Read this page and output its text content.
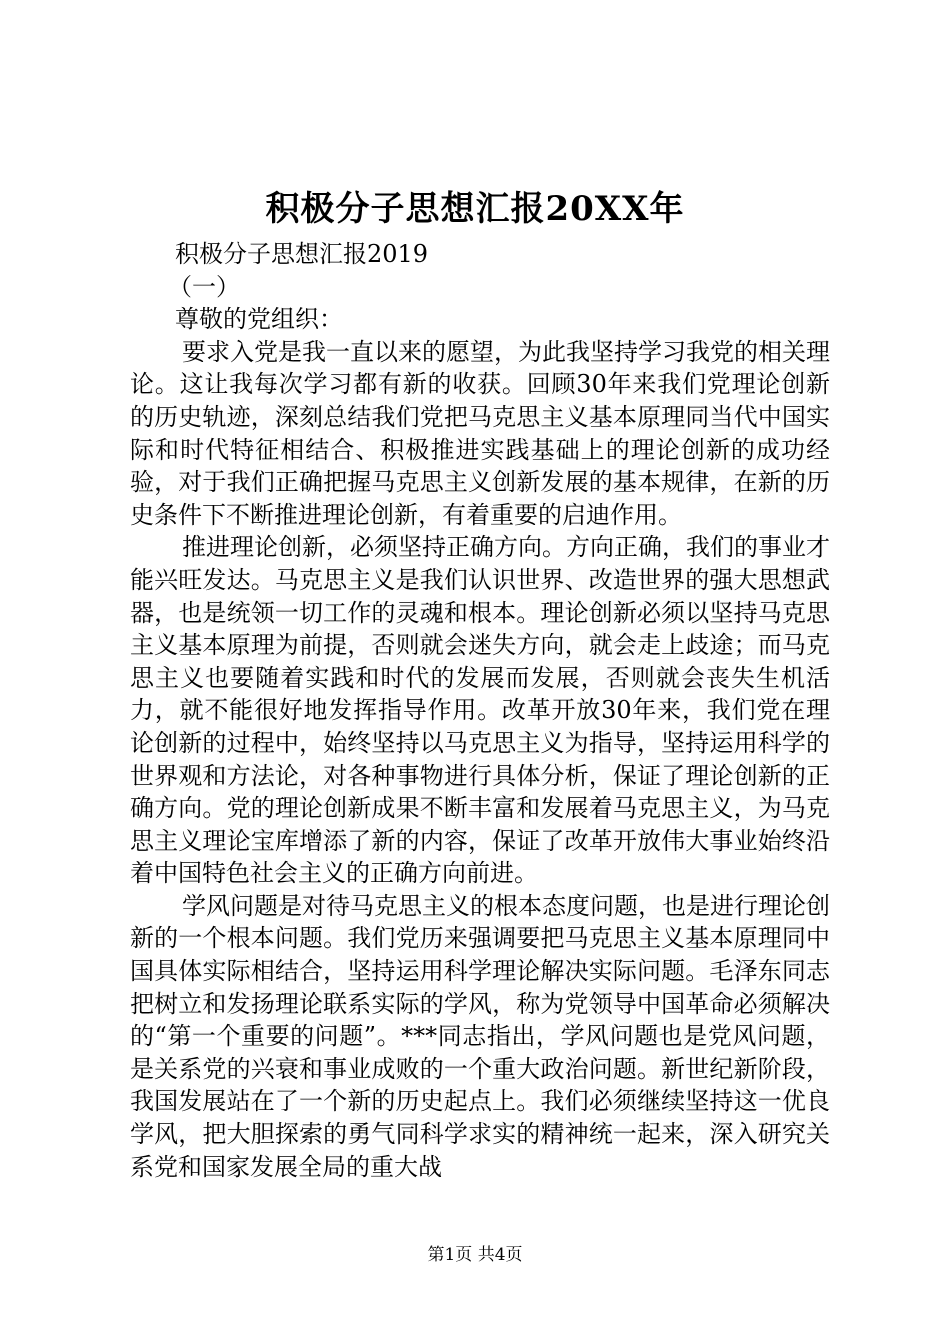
积极分子思想汇报20XX年

积极分子思想汇报2019

（一）

尊敬的党组织：

要求入党是我一直以来的愿望，为此我坚持学习我党的相关理论。这让我每次学习都有新的收获。回顾30年来我们党理论创新的历史轨迹，深刻总结我们党把马克思主义基本原理同当代中国实际和时代特征相结合、积极推进实践基础上的理论创新的成功经验，对于我们正确把握马克思主义创新发展的基本规律，在新的历史条件下不断推进理论创新，有着重要的启迪作用。

推进理论创新，必须坚持正确方向。方向正确，我们的事业才能兴旺发达。马克思主义是我们认识世界、改造世界的强大思想武器，也是统领一切工作的灵魂和根本。理论创新必须以坚持马克思主义基本原理为前提，否则就会迷失方向，就会走上歧途；而马克思主义也要随着实践和时代的发展而发展，否则就会丧失生机活力，就不能很好地发挥指导作用。改革开放30年来，我们党在理论创新的过程中，始终坚持以马克思主义为指导，坚持运用科学的世界观和方法论，对各种事物进行具体分析，保证了理论创新的正确方向。党的理论创新成果不断丰富和发展着马克思主义，为马克思主义理论宝库增添了新的内容，保证了改革开放伟大事业始终沿着中国特色社会主义的正确方向前进。

学风问题是对待马克思主义的根本态度问题，也是进行理论创新的一个根本问题。我们党历来强调要把马克思主义基本原理同中国具体实际相结合，坚持运用科学理论解决实际问题。毛泽东同志把树立和发扬理论联系实际的学风，称为党领导中国革命必须解决的“第一个重要的问题”。***同志指出，学风问题也是党风问题，是关系党的兴衰和事业成败的一个重大政治问题。新世纪新阶段，我国发展站在了一个新的历史起点上。我们必须继续坚持这一优良学风，把大胆探索的勇气同科学求实的精神统一起来，深入研究关系党和国家发展全局的重大战

第1页 共4页
